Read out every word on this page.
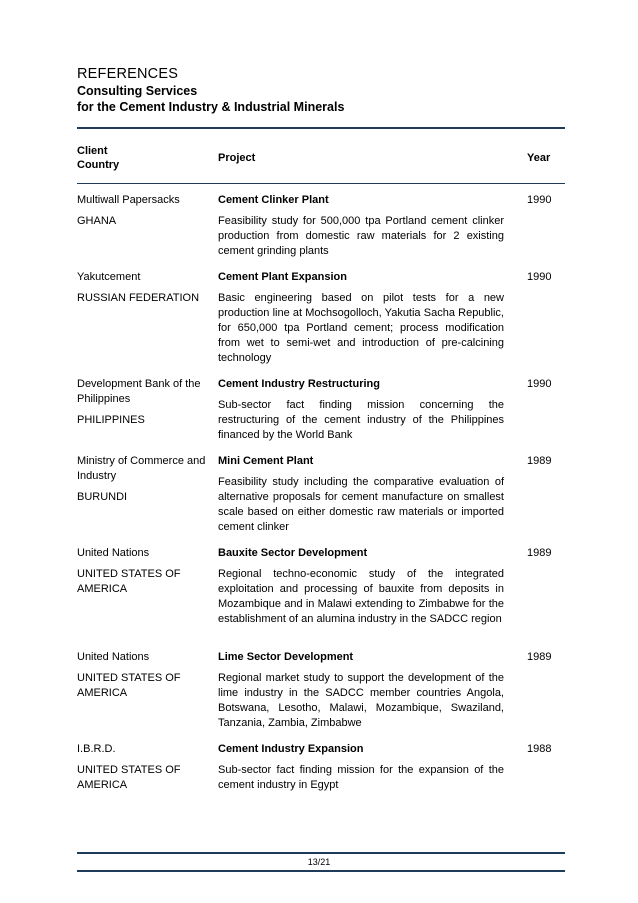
REFERENCES
Consulting Services
for the Cement Industry & Industrial Minerals
Client
Country
Project	Year
Multiwall Papersacks
GHANA
Cement Clinker Plant
Feasibility study for 500,000 tpa Portland cement clinker production from domestic raw materials for 2 existing cement grinding plants
1990
Yakutcement
RUSSIAN FEDERATION
Cement Plant Expansion
Basic engineering based on pilot tests for a new production line at Mochsogolloch, Yakutia Sacha Republic, for 650,000 tpa Portland cement; process modification from wet to semi-wet and introduction of pre-calcining technology
1990
Development Bank of the Philippines
PHILIPPINES
Cement Industry Restructuring
Sub-sector fact finding mission concerning the restructuring of the cement industry of the Philippines financed by the World Bank
1990
Ministry of Commerce and Industry
BURUNDI
Mini Cement Plant
Feasibility study including the comparative evaluation of alternative proposals for cement manufacture on smallest scale based on either domestic raw materials or imported cement clinker
1989
United Nations
UNITED STATES OF AMERICA
Bauxite Sector Development
Regional techno-economic study of the integrated exploitation and processing of bauxite from deposits in Mozambique and in Malawi extending to Zimbabwe for the establishment of an alumina industry in the SADCC region
1989
United Nations
UNITED STATES OF AMERICA
Lime Sector Development
Regional market study to support the development of the lime industry in the SADCC member countries Angola, Botswana, Lesotho, Malawi, Mozambique, Swaziland, Tanzania, Zambia, Zimbabwe
1989
I.B.R.D.
UNITED STATES OF AMERICA
Cement Industry Expansion
Sub-sector fact finding mission for the expansion of the cement industry in Egypt
1988
13/21
